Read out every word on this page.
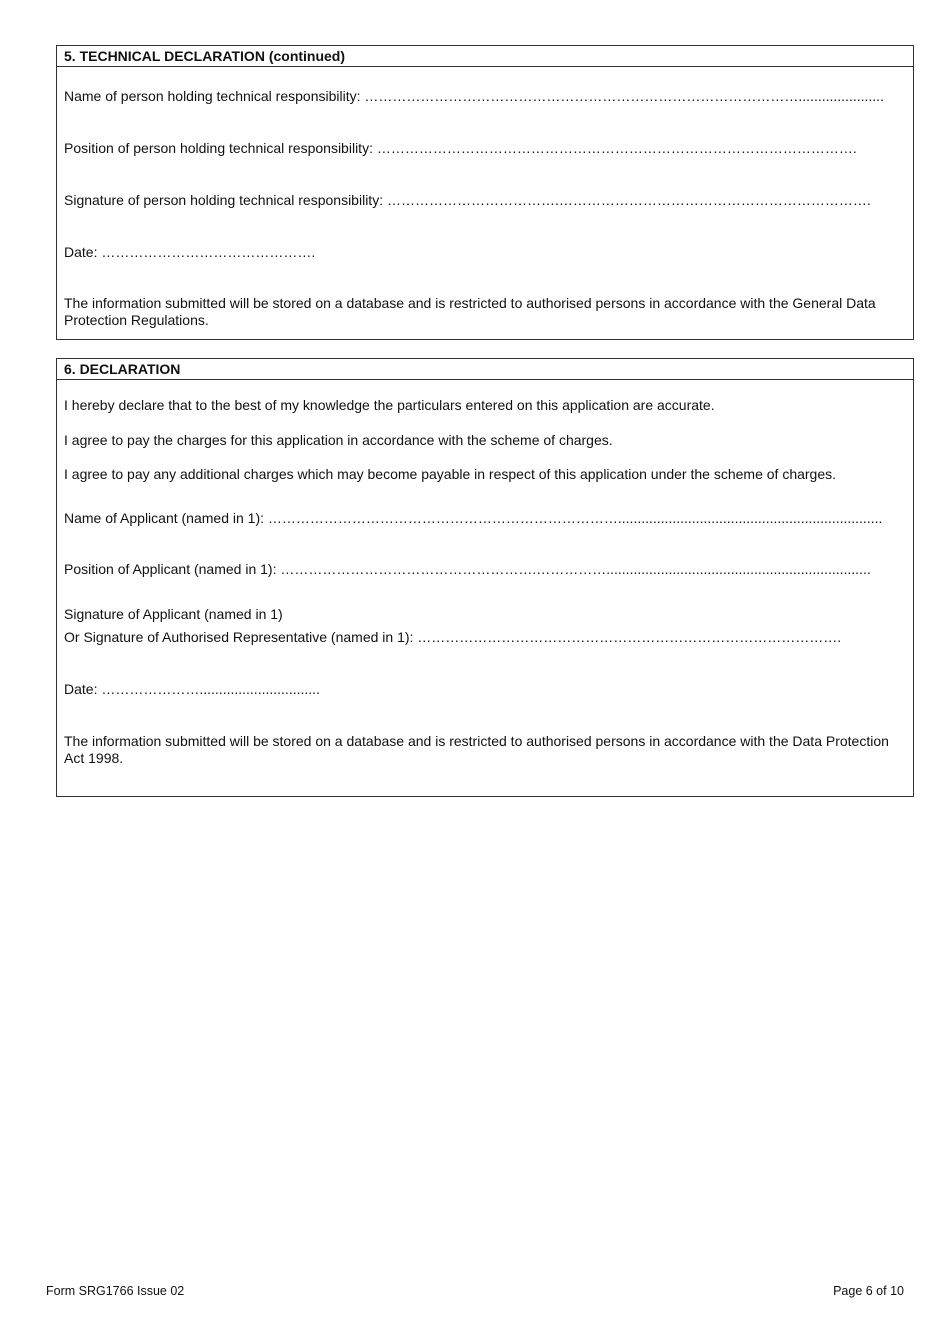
5. TECHNICAL DECLARATION (continued)
Name of person holding technical responsibility: …………………………………………………………………………………......................
Position of person holding technical responsibility: ………………………………………………………………………………………….
Signature of person holding technical responsibility: ……………………………….………………………………………………………….
Date: ……………………………………….
The information submitted will be stored on a database and is restricted to authorised persons in accordance with the General Data Protection Regulations.
6. DECLARATION
I hereby declare that to the best of my knowledge the particulars entered on this application are accurate.
I agree to pay the charges for this application in accordance with the scheme of charges.
I agree to pay any additional charges which may become payable in respect of this application under the scheme of charges.
Name of Applicant (named in 1): …………………………………………………………………....................................................................
Position of Applicant (named in 1): ……………………………………………….……………....................................................................
Signature of Applicant (named in 1)
Or Signature of Authorised Representative (named in 1): ……………………………………………………………………………….
Date: …………………...............................
The information submitted will be stored on a database and is restricted to authorised persons in accordance with the Data Protection Act 1998.
Form SRG1766 Issue 02	Page 6 of 10
